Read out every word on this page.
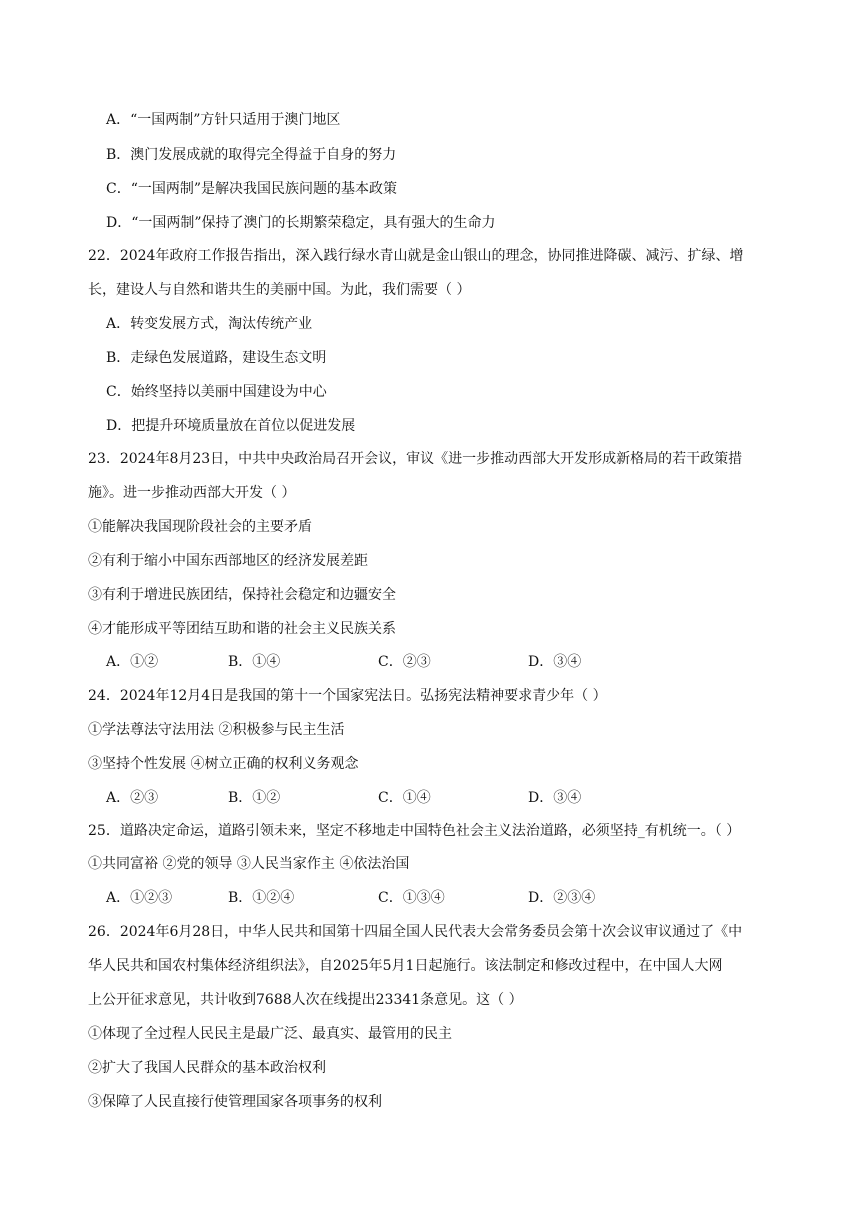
A．“一国两制”方针只适用于澳门地区
B．澳门发展成就的取得完全得益于自身的努力
C．“一国两制”是解决我国民族问题的基本政策
D．“一国两制”保持了澳门的长期繁荣稳定，具有强大的生命力
22．2024年政府工作报告指出，深入践行绿水青山就是金山银山的理念，协同推进降碳、减污、扩绿、增
长，建设人与自然和谐共生的美丽中国。为此，我们需要（ ）
A．转变发展方式，淘汰传统产业
B．走绿色发展道路，建设生态文明
C．始终坚持以美丽中国建设为中心
D．把提升环境质量放在首位以促进发展
23．2024年8月23日，中共中央政治局召开会议，审议《进一步推动西部大开发形成新格局的若干政策措
施》。进一步推动西部大开发（ ）
①能解决我国现阶段社会的主要矛盾
②有利于缩小中国东西部地区的经济发展差距
③有利于增进民族团结，保持社会稳定和边疆安全
④才能形成平等团结互助和谐的社会主义民族关系
A．①②	B．①④	C．②③	D．③④
24．2024年12月4日是我国的第十一个国家宪法日。弘扬宪法精神要求青少年（ ）
①学法尊法守法用法 ②积极参与民主生活
③坚持个性发展 ④树立正确的权利义务观念
A．②③	B．①②	C．①④	D．③④
25．道路决定命运，道路引领未来，坚定不移地走中国特色社会主义法治道路，必须坚持_有机统一。（ ）
①共同富裕 ②党的领导 ③人民当家作主 ④依法治国
A．①②③	B．①②④	C．①③④	D．②③④
26．2024年6月28日，中华人民共和国第十四届全国人民代表大会常务委员会第十次会议审议通过了《中
华人民共和国农村集体经济组织法》，自2025年5月1日起施行。该法制定和修改过程中，在中国人大网
上公开征求意见，共计收到7688人次在线提出23341条意见。这（ ）
①体现了全过程人民民主是最广泛、最真实、最管用的民主
②扩大了我国人民群众的基本政治权利
③保障了人民直接行使管理国家各项事务的权利
